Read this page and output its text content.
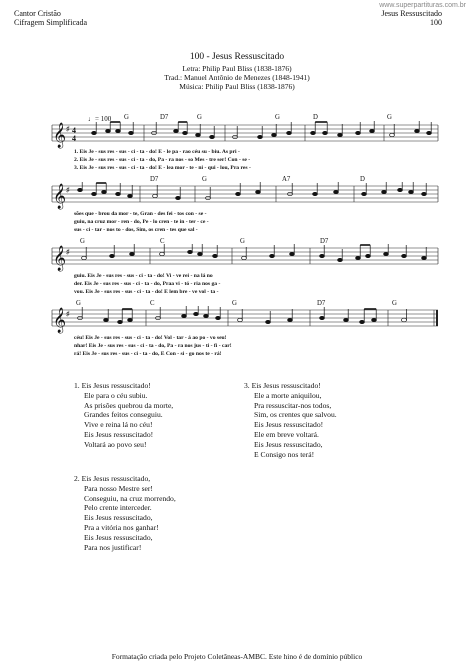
Cantor Cristão
Cifragem Simplificada
Jesus Ressuscitado
100
www.superpartituras.com.br
100 - Jesus Ressuscitado
Letra: Philip Paul Bliss (1838-1876)
Trad.: Manuel Antônio de Menezes (1848-1941)
Música: Philip Paul Bliss (1838-1876)
♩= 100 G	D7	G	G	D	G
𝄞 ♯ 4
4
1. Eis Je - sus res - sus - ci - ta - do! E - le pa - rao céu su - biu. As pri -
2. Eis Je - sus res - sus - ci - ta - do, Pa - ra nos - so Mes - tre ser! Con - se -
3. Eis Je - sus res - sus - ci - ta - do! E - lea mor - te - ni - qui - lou, Pra res -
D7	G	A7	D
𝄞 ♯
sões que - brou da mor - te, Gran - des fei - tos con - se -
guiu, na cruz mor - ren - do, Pe - lo cren - te in - ter - ce -
sus - ci - tar - nos to - dos, Sim, os cren - tes que sal -
G	C	G	D7
𝄞 ♯
guiu. Eis Je - sus res - sus - ci - ta - do! Vi - ve rei - na lá no
der. Eis Je - sus res - sus - ci - ta - do, Praa vi - tó - ria nos ga -
vou. Eis Je - sus res - sus - ci - ta - do! E lem bre - ve vol - ta -
G	C	G	D7	G
𝄞 ♯
céu! Eis Je - sus res - sus - ci - ta - do! Vol - tar - á ao po - vo seu!
nhar! Eis Je - sus res - sus - ci - ta - do, Pa - ra nos jus - ti - fi - car!
rá! Eis Je - sus res - sus - ci - ta - do, E Con - si - go nos te - rá!
1. Eis Jesus ressuscitado!
Ele para o céu subiu.
As prisões quebrou da morte,
Grandes feitos conseguiu.
Vive e reina lá no céu!
Eis Jesus ressuscitado!
Voltará ao povo seu!
2. Eis Jesus ressuscitado,
Para nosso Mestre ser!
Conseguiu, na cruz morrendo,
Pelo crente interceder.
Eis Jesus ressuscitado,
Pra a vitória nos ganhar!
Eis Jesus ressuscitado,
Para nos justificar!
3. Eis Jesus ressuscitado!
Ele a morte aniquilou,
Pra ressuscitar-nos todos,
Sim, os crentes que salvou.
Eis Jesus ressuscitado!
Ele em breve voltará.
Eis Jesus ressuscitado,
E Consigo nos terá!
Formatação criada pelo Projeto Coletâneas-AMBC. Este hino é de domínio público
